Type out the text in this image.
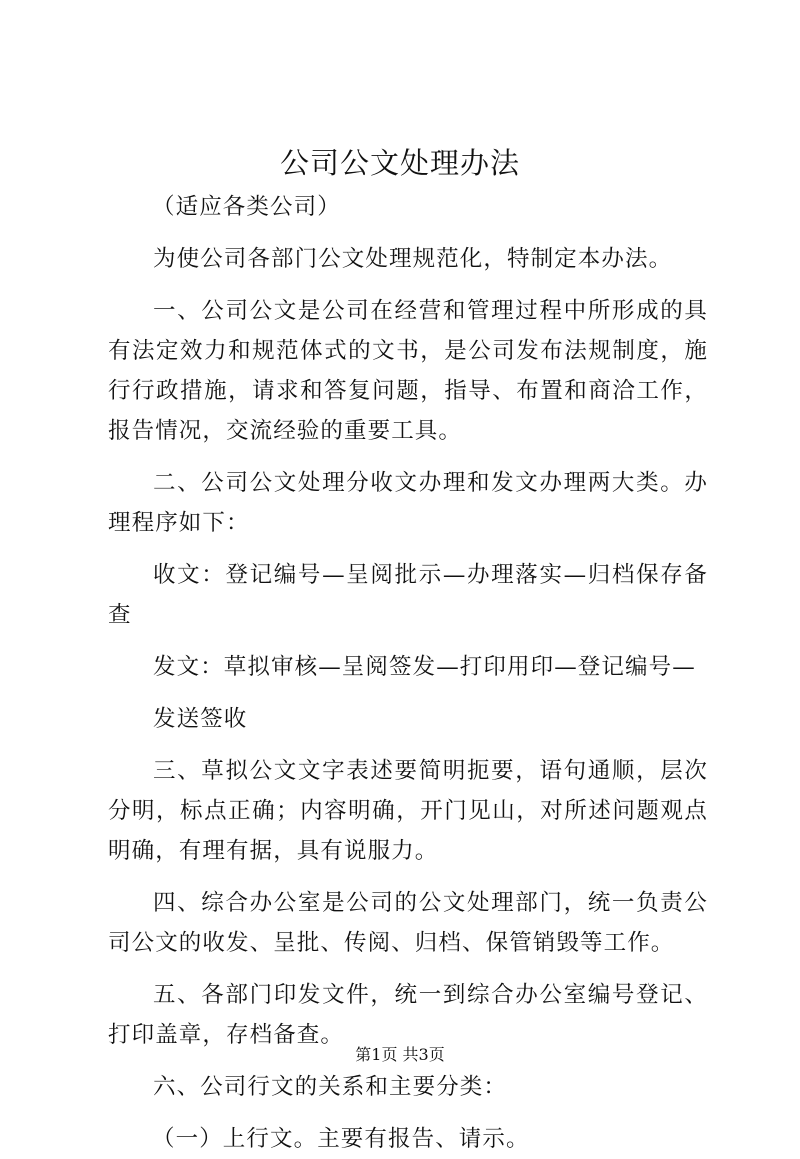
公司公文处理办法

（适应各类公司）

为使公司各部门公文处理规范化，特制定本办法。

一、公司公文是公司在经营和管理过程中所形成的具有法定效力和规范体式的文书，是公司发布法规制度，施行行政措施，请求和答复问题，指导、布置和商洽工作，报告情况，交流经验的重要工具。

二、公司公文处理分收文办理和发文办理两大类。办理程序如下：

收文：登记编号—呈阅批示—办理落实—归档保存备查

发文：草拟审核—呈阅签发—打印用印—登记编号—

发送签收

三、草拟公文文字表述要简明扼要，语句通顺，层次分明，标点正确；内容明确，开门见山，对所述问题观点明确，有理有据，具有说服力。

四、综合办公室是公司的公文处理部门，统一负责公司公文的收发、呈批、传阅、归档、保管销毁等工作。

五、各部门印发文件，统一到综合办公室编号登记、打印盖章，存档备查。

六、公司行文的关系和主要分类：

（一）上行文。主要有报告、请示。

第1页 共3页
